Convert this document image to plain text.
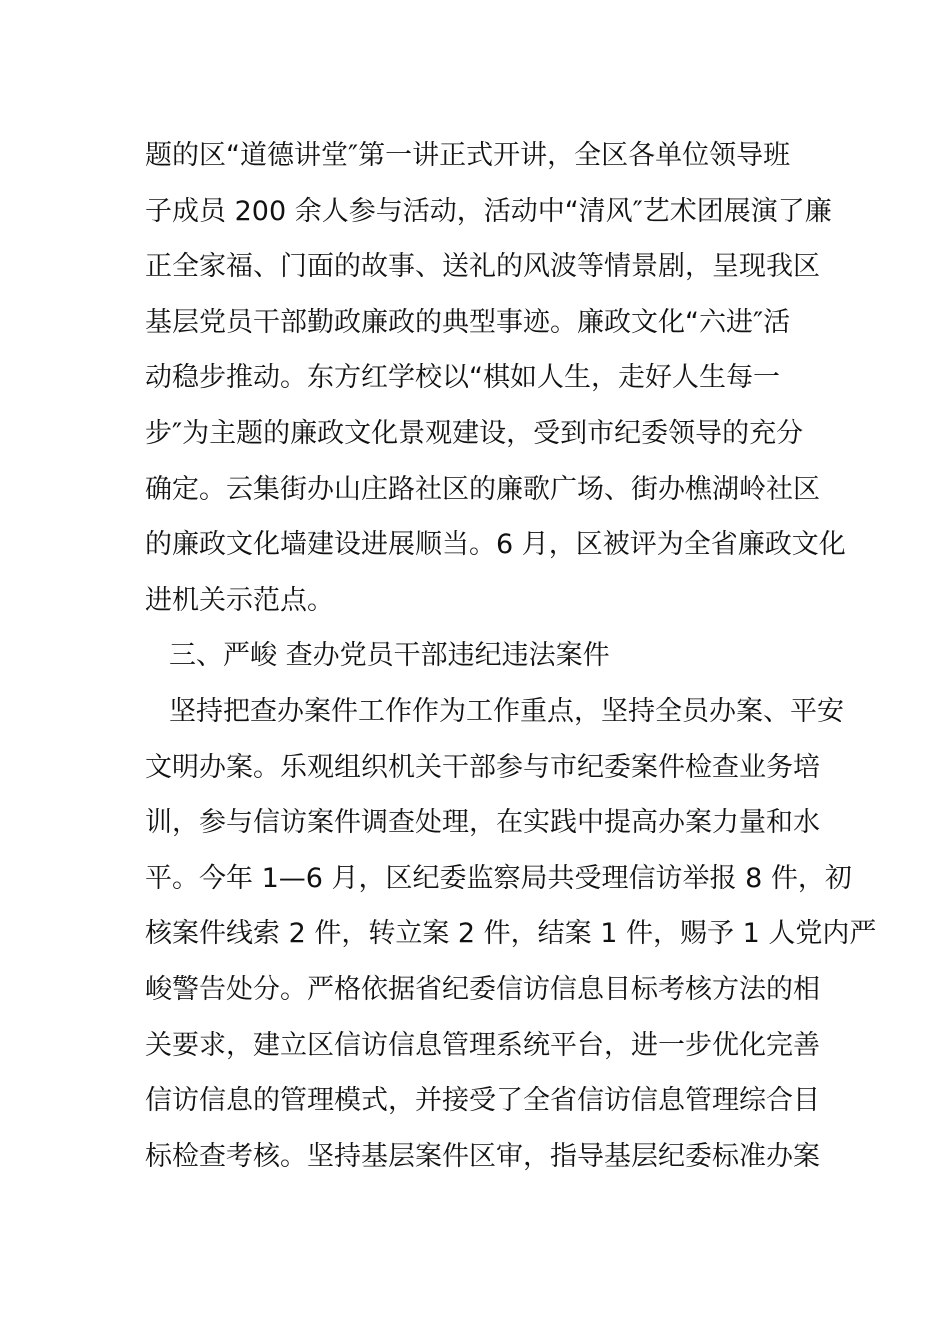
题的区“道德讲堂″第一讲正式开讲，全区各单位领导班
子成员 200 余人参与活动，活动中“清风″艺术团展演了廉
正全家福、门面的故事、送礼的风波等情景剧，呈现我区
基层党员干部勤政廉政的典型事迹。廉政文化“六进″活
动稳步推动。东方红学校以“棋如人生，走好人生每一
步″为主题的廉政文化景观建设，受到市纪委领导的充分
确定。云集街办山庄路社区的廉歌广场、街办樵湖岭社区
的廉政文化墙建设进展顺当。6 月，区被评为全省廉政文化
进机关示范点。
三、严峻 查办党员干部违纪违法案件
坚持把查办案件工作作为工作重点，坚持全员办案、平安
文明办案。乐观组织机关干部参与市纪委案件检查业务培
训，参与信访案件调查处理，在实践中提高办案力量和水
平。今年 1—6 月，区纪委监察局共受理信访举报 8 件，初
核案件线索 2 件，转立案 2 件，结案 1 件，赐予 1 人党内严
峻警告处分。严格依据省纪委信访信息目标考核方法的相
关要求，建立区信访信息管理系统平台，进一步优化完善
信访信息的管理模式，并接受了全省信访信息管理综合目
标检查考核。坚持基层案件区审，指导基层纪委标准办案
